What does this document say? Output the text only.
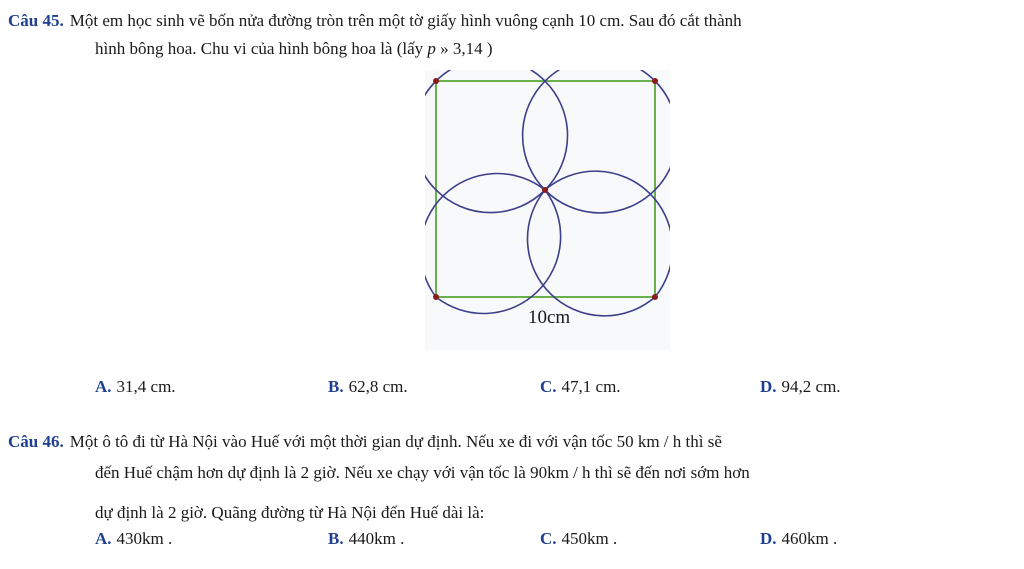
Câu 45. Một em học sinh vẽ bốn nửa đường tròn trên một tờ giấy hình vuông cạnh 10 cm. Sau đó cắt thành
hình bông hoa. Chu vi của hình bông hoa là (lấy p » 3,14 )
10cm
A. 31,4 cm.	B. 62,8 cm.	C. 47,1 cm.	D. 94,2 cm.
Câu 46. Một ô tô đi từ Hà Nội vào Huế với một thời gian dự định. Nếu xe đi với vận tốc 50 km / h thì sẽ
đến Huế chậm hơn dự định là 2 giờ. Nếu xe chạy với vận tốc là 90km / h thì sẽ đến nơi sớm hơn
dự định là 2 giờ. Quãng đường từ Hà Nội đến Huế dài là:
A. 430km .	B. 440km .	C. 450km .	D. 460km .
